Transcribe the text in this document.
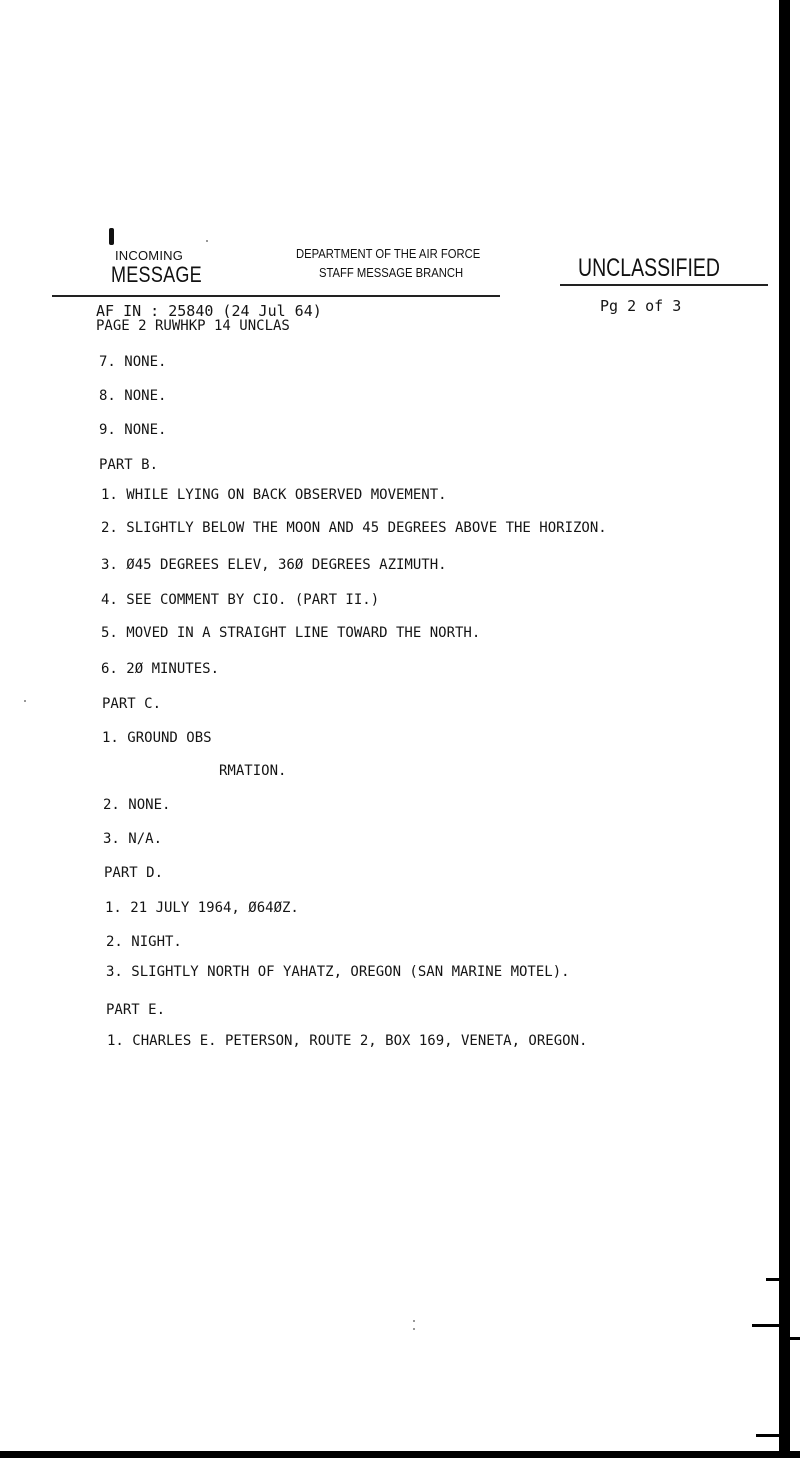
INCOMING
MESSAGE
DEPARTMENT OF THE AIR FORCE
STAFF MESSAGE BRANCH	UNCLASSIFIED
Pg 2 of 3
AF IN : 25840 (24 Jul 64)
PAGE 2 RUWHKP 14 UNCLAS
7. NONE.
8. NONE.
9. NONE.
PART B.
1. WHILE LYING ON BACK OBSERVED MOVEMENT.
2. SLIGHTLY BELOW THE MOON AND 45 DEGREES ABOVE THE HORIZON.
3. Ø45 DEGREES ELEV, 36Ø DEGREES AZIMUTH.
4. SEE COMMENT BY CIO. (PART II.)
5. MOVED IN A STRAIGHT LINE TOWARD THE NORTH.
6. 2Ø MINUTES.
PART C.
1. GROUND OBS
RMATION.
2. NONE.
3. N/A.
PART D.
1. 21 JULY 1964, Ø64ØZ.
2. NIGHT.
3. SLIGHTLY NORTH OF YAHATZ, OREGON (SAN MARINE MOTEL).
PART E.
1. CHARLES E. PETERSON, ROUTE 2, BOX 169, VENETA, OREGON.
